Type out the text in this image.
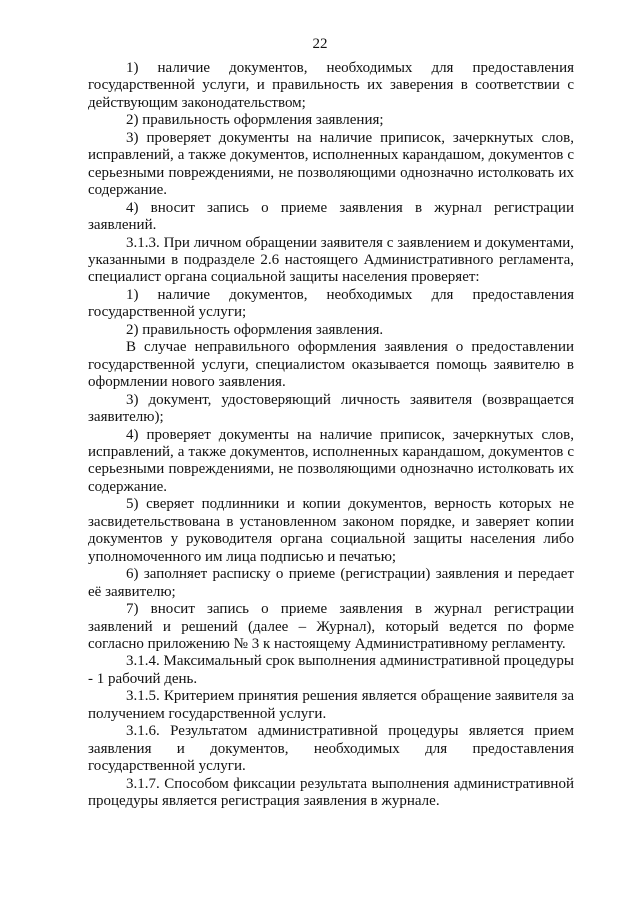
22

1) наличие документов, необходимых для предоставления государственной услуги, и правильность их заверения в соответствии с действующим законодательством;

2) правильность оформления заявления;

3) проверяет документы на наличие приписок, зачеркнутых слов, исправлений, а также документов, исполненных карандашом, документов с серьезными повреждениями, не позволяющими однозначно истолковать их содержание.

4) вносит запись о приеме заявления в журнал регистрации заявлений.

3.1.3. При личном обращении заявителя с заявлением и документами, указанными в подразделе 2.6 настоящего Административного регламента, специалист органа социальной защиты населения проверяет:

1) наличие документов, необходимых для предоставления государственной услуги;

2) правильность оформления заявления.

В случае неправильного оформления заявления о предоставлении государственной услуги, специалистом оказывается помощь заявителю в оформлении нового заявления.

3) документ, удостоверяющий личность заявителя (возвращается заявителю);

4) проверяет документы на наличие приписок, зачеркнутых слов, исправлений, а также документов, исполненных карандашом, документов с серьезными повреждениями, не позволяющими однозначно истолковать их содержание.

5) сверяет подлинники и копии документов, верность которых не засвидетельствована в установленном законом порядке, и заверяет копии документов у руководителя органа социальной защиты населения либо уполномоченного им лица подписью и печатью;

6) заполняет расписку о приеме (регистрации) заявления и передает её заявителю;

7) вносит запись о приеме заявления в журнал регистрации заявлений и решений (далее – Журнал), который ведется по форме согласно приложению № 3 к настоящему Административному регламенту.

3.1.4. Максимальный срок выполнения административной процедуры - 1 рабочий день.

3.1.5. Критерием принятия решения является обращение заявителя за получением государственной услуги.

3.1.6. Результатом административной процедуры является прием заявления и документов, необходимых для предоставления государственной услуги.

3.1.7. Способом фиксации результата выполнения административной процедуры является регистрация заявления в журнале.
